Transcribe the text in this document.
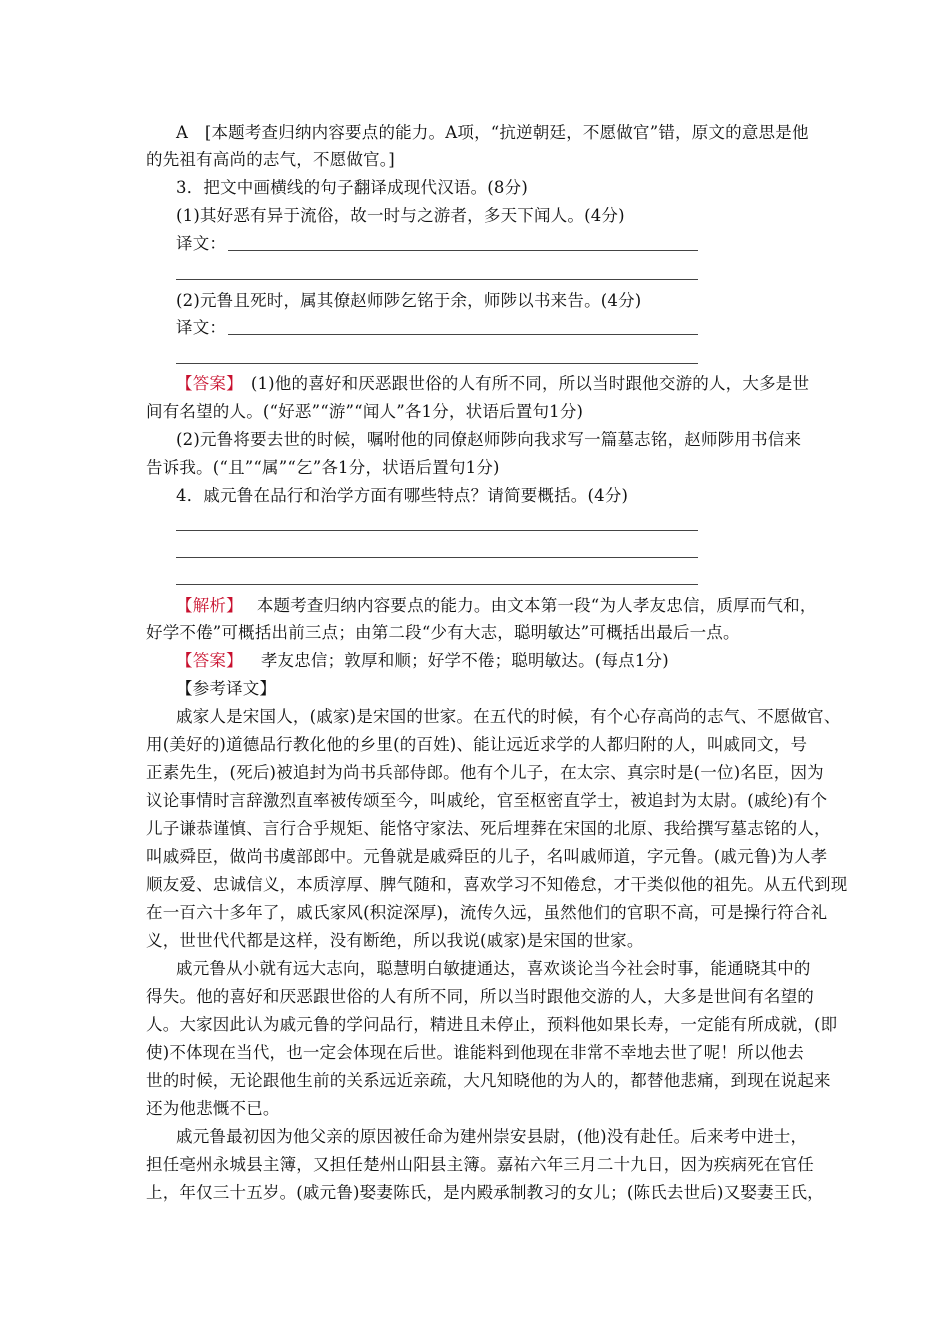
A　[本题考查归纳内容要点的能力。A项，“抗逆朝廷，不愿做官”错，原文的意思是他
的先祖有高尚的志气，不愿做官。]
3．把文中画横线的句子翻译成现代汉语。(8分)
(1)其好恶有异于流俗，故一时与之游者，多天下闻人。(4分)
译文：
(2)元鲁且死时，属其僚赵师陟乞铭于余，师陟以书来告。(4分)
译文：
【答案】 (1)他的喜好和厌恶跟世俗的人有所不同，所以当时跟他交游的人，大多是世
间有名望的人。(“好恶”“游”“闻人”各1分，状语后置句1分)
(2)元鲁将要去世的时候，嘱咐他的同僚赵师陟向我求写一篇墓志铭，赵师陟用书信来
告诉我。(“且”“属”“乞”各1分，状语后置句1分)
4．戚元鲁在品行和治学方面有哪些特点？请简要概括。(4分)
【解析】 本题考查归纳内容要点的能力。由文本第一段“为人孝友忠信，质厚而气和，
好学不倦”可概括出前三点；由第二段“少有大志，聪明敏达”可概括出最后一点。
【答案】 孝友忠信；敦厚和顺；好学不倦；聪明敏达。(每点1分)
【参考译文】
戚家人是宋国人，(戚家)是宋国的世家。在五代的时候，有个心存高尚的志气、不愿做官、
用(美好的)道德品行教化他的乡里(的百姓)、能让远近求学的人都归附的人，叫戚同文，号
正素先生，(死后)被追封为尚书兵部侍郎。他有个儿子，在太宗、真宗时是(一位)名臣，因为
议论事情时言辞激烈直率被传颂至今，叫戚纶，官至枢密直学士，被追封为太尉。(戚纶)有个
儿子谦恭谨慎、言行合乎规矩、能恪守家法、死后埋葬在宋国的北原、我给撰写墓志铭的人，
叫戚舜臣，做尚书虞部郎中。元鲁就是戚舜臣的儿子，名叫戚师道，字元鲁。(戚元鲁)为人孝
顺友爱、忠诚信义，本质淳厚、脾气随和，喜欢学习不知倦怠，才干类似他的祖先。从五代到现
在一百六十多年了，戚氏家风(积淀深厚)，流传久远，虽然他们的官职不高，可是操行符合礼
义，世世代代都是这样，没有断绝，所以我说(戚家)是宋国的世家。
戚元鲁从小就有远大志向，聪慧明白敏捷通达，喜欢谈论当今社会时事，能通晓其中的
得失。他的喜好和厌恶跟世俗的人有所不同，所以当时跟他交游的人，大多是世间有名望的
人。大家因此认为戚元鲁的学问品行，精进且未停止，预料他如果长寿，一定能有所成就，(即
使)不体现在当代，也一定会体现在后世。谁能料到他现在非常不幸地去世了呢！所以他去
世的时候，无论跟他生前的关系远近亲疏，大凡知晓他的为人的，都替他悲痛，到现在说起来
还为他悲慨不已。
戚元鲁最初因为他父亲的原因被任命为建州崇安县尉，(他)没有赴任。后来考中进士，
担任亳州永城县主簿，又担任楚州山阳县主簿。嘉祐六年三月二十九日，因为疾病死在官任
上，年仅三十五岁。(戚元鲁)娶妻陈氏，是内殿承制教习的女儿；(陈氏去世后)又娶妻王氏，
